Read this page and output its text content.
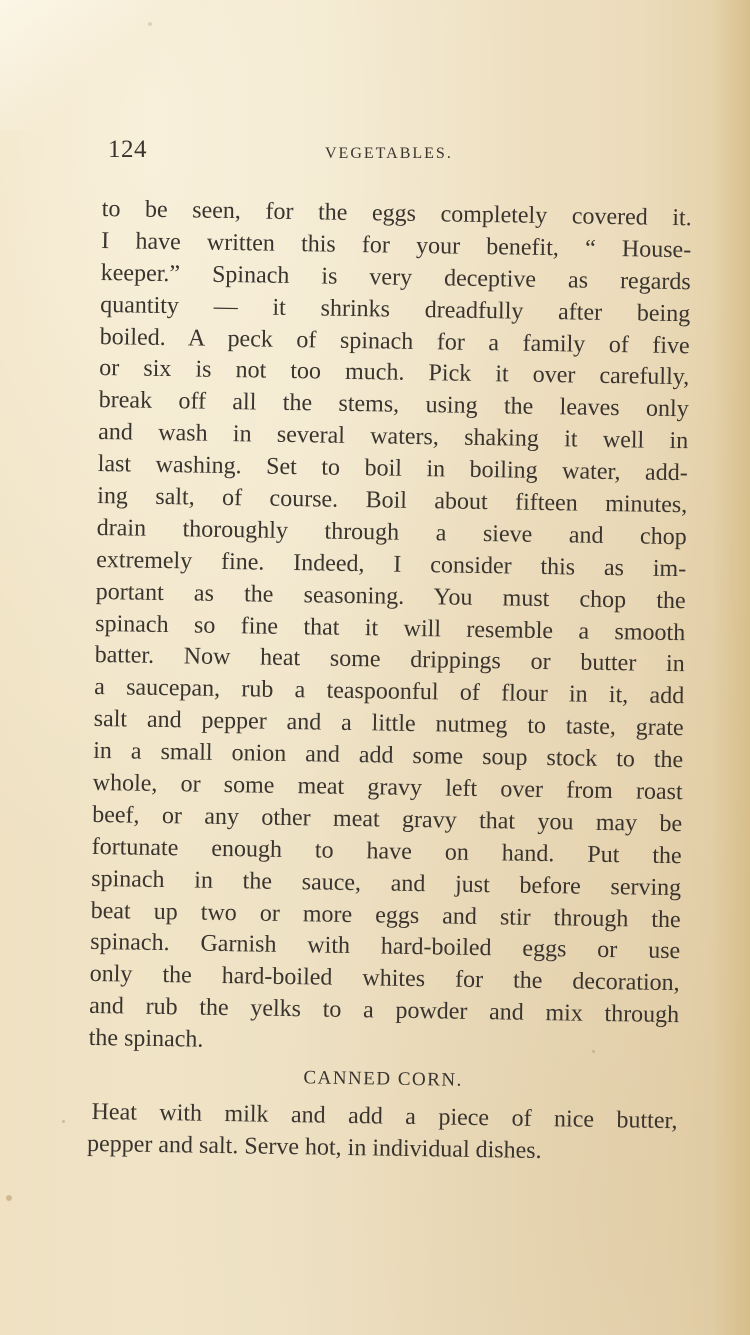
124	VEGETABLES.
to be seen, for the eggs completely covered it.
I have written this for your benefit, “ House-
keeper.” Spinach is very deceptive as regards
quantity — it shrinks dreadfully after being
boiled. A peck of spinach for a family of five
or six is not too much. Pick it over carefully,
break off all the stems, using the leaves only
and wash in several waters, shaking it well in
last washing. Set to boil in boiling water, add-
ing salt, of course. Boil about fifteen minutes,
drain thoroughly through a sieve and chop
extremely fine. Indeed, I consider this as im-
portant as the seasoning. You must chop the
spinach so fine that it will resemble a smooth
batter. Now heat some drippings or butter in
a saucepan, rub a teaspoonful of flour in it, add
salt and pepper and a little nutmeg to taste, grate
in a small onion and add some soup stock to the
whole, or some meat gravy left over from roast
beef, or any other meat gravy that you may be
fortunate enough to have on hand. Put the
spinach in the sauce, and just before serving
beat up two or more eggs and stir through the
spinach. Garnish with hard-boiled eggs or use
only the hard-boiled whites for the decoration,
and rub the yelks to a powder and mix through
the spinach.
CANNED CORN.
Heat with milk and add a piece of nice butter,
pepper and salt. Serve hot, in individual dishes.
